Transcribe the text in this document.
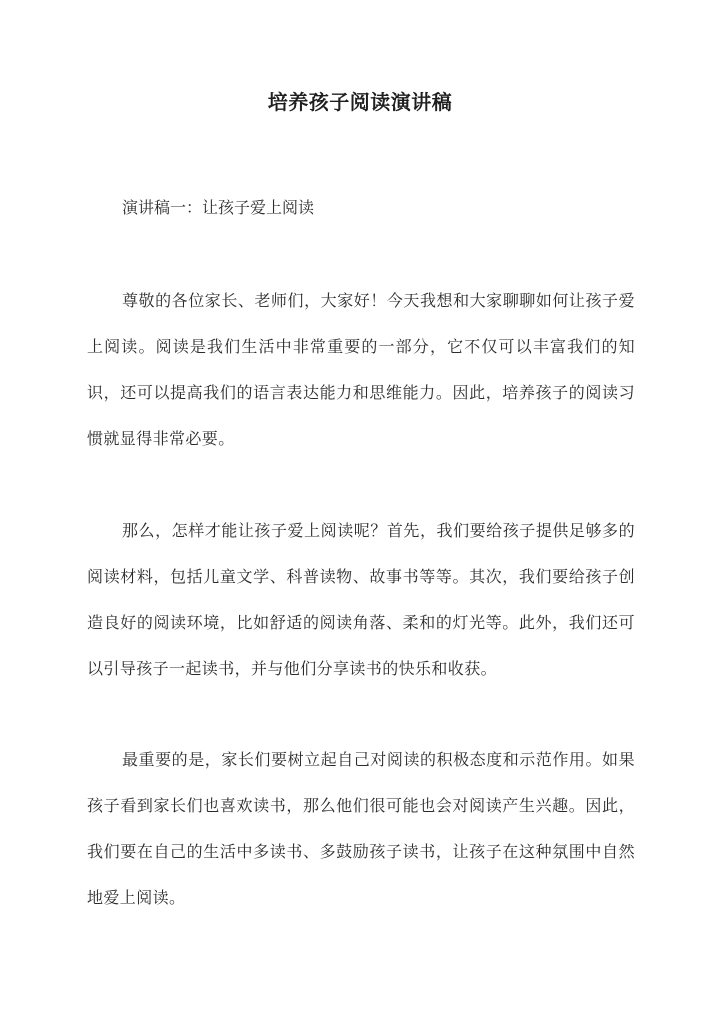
培养孩子阅读演讲稿

演讲稿一：让孩子爱上阅读

尊敬的各位家长、老师们，大家好！今天我想和大家聊聊如何让孩子爱上阅读。阅读是我们生活中非常重要的一部分，它不仅可以丰富我们的知识，还可以提高我们的语言表达能力和思维能力。因此，培养孩子的阅读习惯就显得非常必要。

那么，怎样才能让孩子爱上阅读呢？首先，我们要给孩子提供足够多的阅读材料，包括儿童文学、科普读物、故事书等等。其次，我们要给孩子创造良好的阅读环境，比如舒适的阅读角落、柔和的灯光等。此外，我们还可以引导孩子一起读书，并与他们分享读书的快乐和收获。

最重要的是，家长们要树立起自己对阅读的积极态度和示范作用。如果孩子看到家长们也喜欢读书，那么他们很可能也会对阅读产生兴趣。因此，我们要在自己的生活中多读书、多鼓励孩子读书，让孩子在这种氛围中自然地爱上阅读。
